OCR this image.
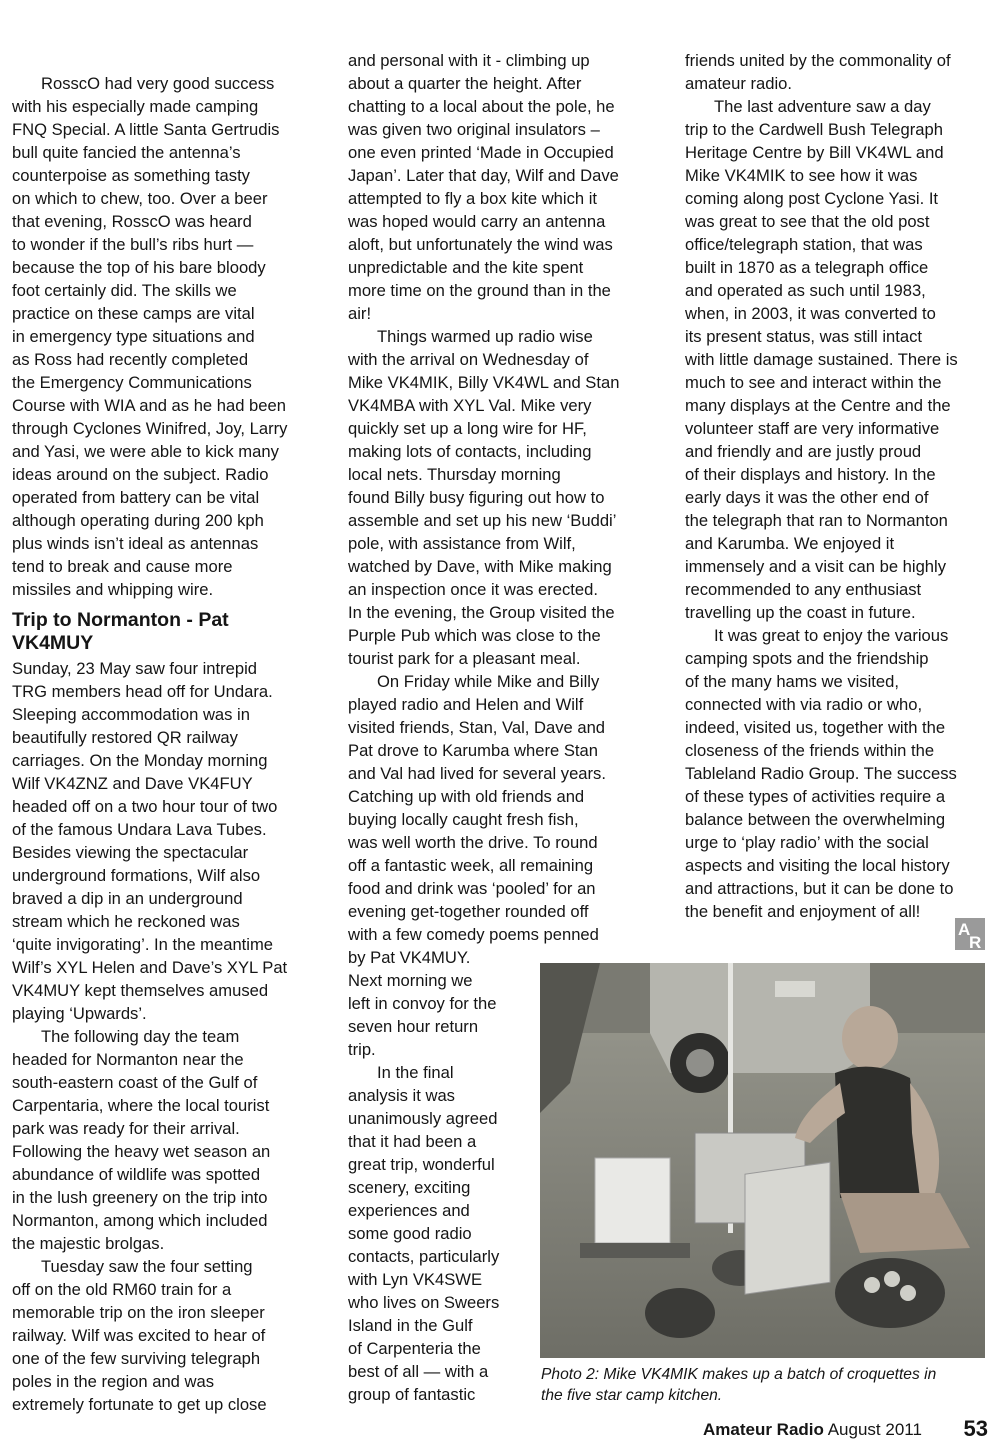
RosscO had very good success
with his especially made camping
FNQ Special. A little Santa Gertrudis
bull quite fancied the antenna’s
counterpoise as something tasty
on which to chew, too. Over a beer
that evening, RosscO was heard
to wonder if the bull’s ribs hurt —
because the top of his bare bloody
foot certainly did. The skills we
practice on these camps are vital
in emergency type situations and
as Ross had recently completed
the Emergency Communications
Course with WIA and as he had been
through Cyclones Winifred, Joy, Larry
and Yasi, we were able to kick many
ideas around on the subject. Radio
operated from battery can be vital
although operating during 200 kph
plus winds isn’t ideal as antennas
tend to break and cause more
missiles and whipping wire.

Trip to Normanton - Pat
VK4MUY

Sunday, 23 May saw four intrepid
TRG members head off for Undara.
Sleeping accommodation was in
beautifully restored QR railway
carriages. On the Monday morning
Wilf VK4ZNZ and Dave VK4FUY
headed off on a two hour tour of two
of the famous Undara Lava Tubes.
Besides viewing the spectacular
underground formations, Wilf also
braved a dip in an underground
stream which he reckoned was
‘quite invigorating’. In the meantime
Wilf’s XYL Helen and Dave’s XYL Pat
VK4MUY kept themselves amused
playing ‘Upwards’.

The following day the team
headed for Normanton near the
south-eastern coast of the Gulf of
Carpentaria, where the local tourist
park was ready for their arrival.
Following the heavy wet season an
abundance of wildlife was spotted
in the lush greenery on the trip into
Normanton, among which included
the majestic brolgas.

Tuesday saw the four setting
off on the old RM60 train for a
memorable trip on the iron sleeper
railway. Wilf was excited to hear of
one of the few surviving telegraph
poles in the region and was
extremely fortunate to get up close

and personal with it - climbing up
about a quarter the height. After
chatting to a local about the pole, he
was given two original insulators –
one even printed ‘Made in Occupied
Japan’. Later that day, Wilf and Dave
attempted to fly a box kite which it
was hoped would carry an antenna
aloft, but unfortunately the wind was
unpredictable and the kite spent
more time on the ground than in the
air!

Things warmed up radio wise
with the arrival on Wednesday of
Mike VK4MIK, Billy VK4WL and Stan
VK4MBA with XYL Val. Mike very
quickly set up a long wire for HF,
making lots of contacts, including
local nets. Thursday morning
found Billy busy figuring out how to
assemble and set up his new ‘Buddi’
pole, with assistance from Wilf,
watched by Dave, with Mike making
an inspection once it was erected.
In the evening, the Group visited the
Purple Pub which was close to the
tourist park for a pleasant meal.

On Friday while Mike and Billy
played radio and Helen and Wilf
visited friends, Stan, Val, Dave and
Pat drove to Karumba where Stan
and Val had lived for several years.
Catching up with old friends and
buying locally caught fresh fish,
was well worth the drive. To round
off a fantastic week, all remaining
food and drink was ‘pooled’ for an
evening get-together rounded off
with a few comedy poems penned
by Pat VK4MUY.
Next morning we
left in convoy for the
seven hour return
trip.

In the final
analysis it was
unanimously agreed
that it had been a
great trip, wonderful
scenery, exciting
experiences and
some good radio
contacts, particularly
with Lyn VK4SWE
who lives on Sweers
Island in the Gulf
of Carpenteria the
best of all — with a
group of fantastic

friends united by the commonality of
amateur radio.

The last adventure saw a day
trip to the Cardwell Bush Telegraph
Heritage Centre by Bill VK4WL and
Mike VK4MIK to see how it was
coming along post Cyclone Yasi. It
was great to see that the old post
office/telegraph station, that was
built in 1870 as a telegraph office
and operated as such until 1983,
when, in 2003, it was converted to
its present status, was still intact
with little damage sustained. There is
much to see and interact within the
many displays at the Centre and the
volunteer staff are very informative
and friendly and are justly proud
of their displays and history. In the
early days it was the other end of
the telegraph that ran to Normanton
and Karumba. We enjoyed it
immensely and a visit can be highly
recommended to any enthusiast
travelling up the coast in future.

It was great to enjoy the various
camping spots and the friendship
of the many hams we visited,
connected with via radio or who,
indeed, visited us, together with the
closeness of the friends within the
Tableland Radio Group. The success
of these types of activities require a
balance between the overwhelming
urge to ‘play radio’ with the social
aspects and visiting the local history
and attractions, but it can be done to
the benefit and enjoyment of all!

A
R
Photo 2: Mike VK4MIK makes up a batch of croquettes in
the five star camp kitchen.
Amateur Radio August 2011 53
